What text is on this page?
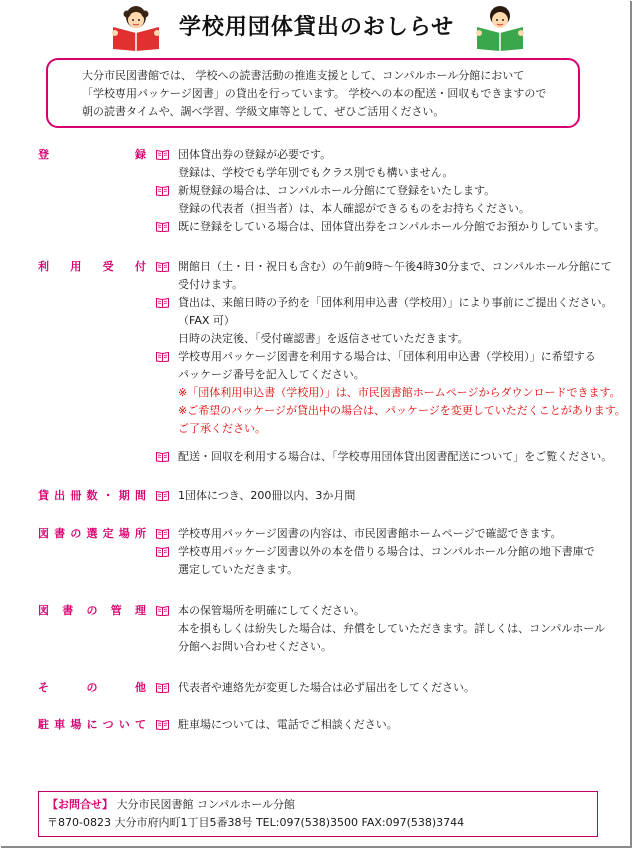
学校用団体貸出のおしらせ
大分市民図書館では、 学校への読書活動の推進支援として、コンパルホール分館において
「学校専用パッケージ図書」の貸出を行っています。 学校への本の配送・回収もできますので
朝の読書タイムや、調べ学習、学級文庫等として、ぜひご活用ください。
登	録	団体貸出券の登録が必要です。
登録は、学校でも学年別でもクラス別でも構いません。
新規登録の場合は、コンパルホール分館にて登録をいたします。
登録の代表者（担当者）は、本人確認ができるものをお持ちください。
既に登録をしている場合は、団体貸出券をコンパルホール分館でお預かりしています。
利 用 受 付	開館日（土・日・祝日も含む）の午前9時～午後4時30分まで、コンパルホール分館にて
受付けます。
貸出は、来館日時の予約を「団体利用申込書（学校用）」により事前にご提出ください。
（FAX 可）
日時の決定後、「受付確認書」を返信させていただきます。
学校専用パッケージ図書を利用する場合は、「団体利用申込書（学校用）」に希望する
パッケージ番号を記入してください。
※「団体利用申込書（学校用）」は、市民図書館ホームページからダウンロードできます。
※ご希望のパッケージが貸出中の場合は、パッケージを変更していただくことがあります。
ご了承ください。
配送・回収を利用する場合は、「学校専用団体貸出図書配送について」をご覧ください。
貸 出 冊 数 ・ 期 間	1団体につき、200冊以内、3か月間
図 書 の 選 定 場 所	学校専用パッケージ図書の内容は、市民図書館ホームページで確認できます。
学校専用パッケージ図書以外の本を借りる場合は、コンパルホール分館の地下書庫で
選定していただきます。
図 書 の 管 理	本の保管場所を明確にしてください。
本を損もしくは紛失した場合は、弁償をしていただきます。詳しくは、コンパルホール
分館へお問い合わせください。
そ	の	他	代表者や連絡先が変更した場合は必ず届出をしてください。
駐 車 場 に つ い て	駐車場については、電話でご相談ください。
【お問合せ】 大分市民図書館 コンパルホール分館
〒870-0823 大分市府内町1丁目5番38号 TEL:097(538)3500 FAX:097(538)3744
